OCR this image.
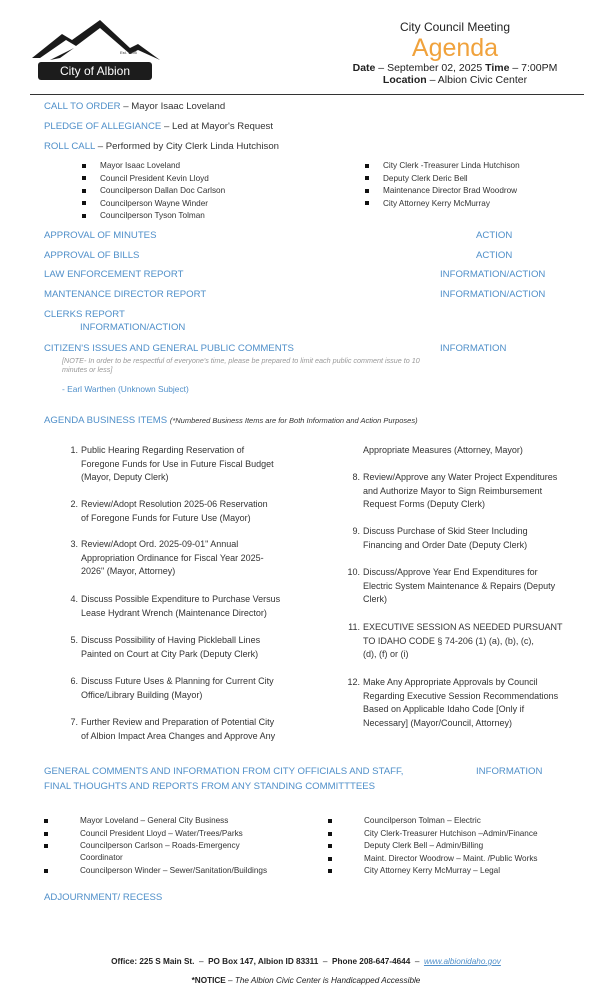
Est. 1895
City of Albion
City Council Meeting
Agenda
Date – September 02, 2025 Time – 7:00PM
Location – Albion Civic Center
CALL TO ORDER – Mayor Isaac Loveland
PLEDGE OF ALLEGIANCE – Led at Mayor's Request
ROLL CALL – Performed by City Clerk Linda Hutchison
Mayor Isaac Loveland
Council President Kevin Lloyd
Councilperson Dallan Doc Carlson
Councilperson Wayne Winder
Councilperson Tyson Tolman
City Clerk -Treasurer Linda Hutchison
Deputy Clerk Deric Bell
Maintenance Director Brad Woodrow
City Attorney Kerry McMurray
APPROVAL OF MINUTES	ACTION
APPROVAL OF BILLS	ACTION
LAW ENFORCEMENT REPORT	INFORMATION/ACTION
MANTENANCE DIRECTOR REPORT	INFORMATION/ACTION
CLERKS REPORT
INFORMATION/ACTION
CITIZEN'S ISSUES AND GENERAL PUBLIC COMMENTS	INFORMATION
[NOTE- In order to be respectful of everyone's time, please be prepared to limit each public comment issue to 10
minutes or less]
- Earl Warthen (Unknown Subject)
AGENDA BUSINESS ITEMS (*Numbered Business Items are for Both Information and Action Purposes)
1. Public Hearing Regarding Reservation of
Foregone Funds for Use in Future Fiscal Budget
(Mayor, Deputy Clerk)
2. Review/Adopt Resolution 2025-06 Reservation
of Foregone Funds for Future Use (Mayor)
3. Review/Adopt Ord. 2025-09-01" Annual
Appropriation Ordinance for Fiscal Year 2025-
2026" (Mayor, Attorney)
4. Discuss Possible Expenditure to Purchase Versus
Lease Hydrant Wrench (Maintenance Director)
5. Discuss Possibility of Having Pickleball Lines
Painted on Court at City Park (Deputy Clerk)
6. Discuss Future Uses & Planning for Current City
Office/Library Building (Mayor)
7. Further Review and Preparation of Potential City
of Albion Impact Area Changes and Approve Any
8. Review/Approve any Water Project Expenditures
and Authorize Mayor to Sign Reimbursement
Request Forms (Deputy Clerk)
9. Discuss Purchase of Skid Steer Including
Financing and Order Date (Deputy Clerk)
10. Discuss/Approve Year End Expenditures for
Electric System Maintenance & Repairs (Deputy
Clerk)
11. EXECUTIVE SESSION AS NEEDED PURSUANT
TO IDAHO CODE § 74-206 (1) (a), (b), (c),
(d), (f) or (i)
12. Make Any Appropriate Approvals by Council
Regarding Executive Session Recommendations
Based on Applicable Idaho Code [Only if
Necessary] (Mayor/Council, Attorney)
Appropriate Measures (Attorney, Mayor)
GENERAL COMMENTS AND INFORMATION FROM CITY OFFICIALS AND STAFF,
FINAL THOUGHTS AND REPORTS FROM ANY STANDING COMMITTTEES
INFORMATION
Mayor Loveland – General City Business
Council President Lloyd – Water/Trees/Parks
Councilperson Carlson – Roads-Emergency
Coordinator
Councilperson Winder – Sewer/Sanitation/Buildings
Councilperson Tolman – Electric
City Clerk-Treasurer Hutchison –Admin/Finance
Deputy Clerk Bell – Admin/Billing
Maint. Director Woodrow – Maint. /Public Works
City Attorney Kerry McMurray – Legal
ADJOURNMENT/ RECESS
Office: 225 S Main St.  –  PO Box 147, Albion ID 83311  –  Phone 208-647-4644  –  www.albionidaho.gov
*NOTICE – The Albion Civic Center is Handicapped Accessible
